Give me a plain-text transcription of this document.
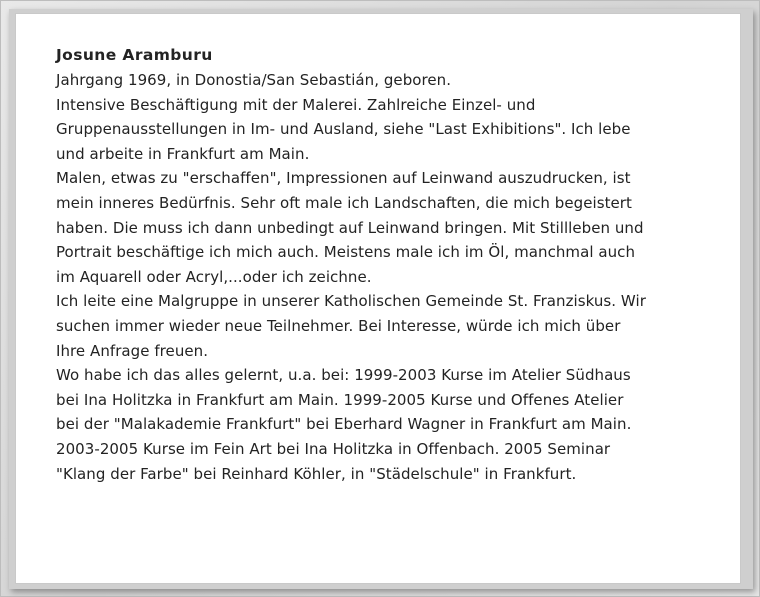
Josune Aramburu

Jahrgang 1969, in Donostia/San Sebastián, geboren.

Intensive Beschäftigung mit der Malerei. Zahlreiche Einzel- und

Gruppenausstellungen in Im- und Ausland, siehe "Last Exhibitions". Ich lebe

und arbeite in Frankfurt am Main.

Malen, etwas zu "erschaffen", Impressionen auf Leinwand auszudrucken, ist

mein inneres Bedürfnis. Sehr oft male ich Landschaften, die mich begeistert

haben. Die muss ich dann unbedingt auf Leinwand bringen. Mit Stillleben und

Portrait beschäftige ich mich auch. Meistens male ich im Öl, manchmal auch

im Aquarell oder Acryl,...oder ich zeichne.

Ich leite eine Malgruppe in unserer Katholischen Gemeinde St. Franziskus. Wir

suchen immer wieder neue Teilnehmer. Bei Interesse, würde ich mich über

Ihre Anfrage freuen.

Wo habe ich das alles gelernt, u.a. bei: 1999-2003 Kurse im Atelier Südhaus

bei Ina Holitzka in Frankfurt am Main. 1999-2005 Kurse und Offenes Atelier

bei der "Malakademie Frankfurt" bei Eberhard Wagner in Frankfurt am Main.

2003-2005 Kurse im Fein Art bei Ina Holitzka in Offenbach. 2005 Seminar

"Klang der Farbe" bei Reinhard Köhler, in "Städelschule" in Frankfurt.
